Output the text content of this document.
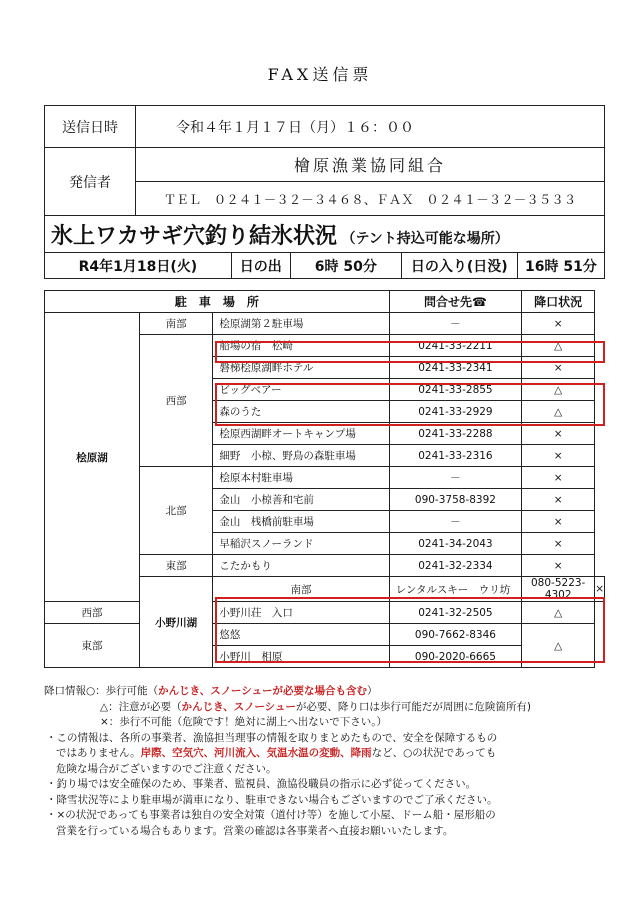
FAX送信票
送信日時	令和４年１月１７日（月）１６：００				
発信者	檜原漁業協同組合				
	ＴＥＬ　０２４１－３２－３４６８、ＦＡＸ　０２４１－３２－３５３３				
氷上ワカサギ穴釣り結氷状況 （テント持込可能な場所）					
R4年1月18日(火)		日の出	6時 50分	日の入り(日没)	16時 51分
駐　車　場　所			問合せ先☎	降口状況	
桧原湖	南部	桧原湖第２駐車場	－	×	
	西部	船場の宿　松崎	0241-33-2211	△	
		磐梯桧原湖畔ホテル	0241-33-2341	×	
		ビッグベアー	0241-33-2855	△	
		森のうた	0241-33-2929	△	
		桧原西湖畔オートキャンプ場	0241-33-2288	×	
		細野　小椋、野鳥の森駐車場	0241-33-2316	×	
	北部	桧原本村駐車場	－	×	
		金山　小椋善和宅前	090-3758-8392	×	
		金山　桟橋前駐車場	－	×	
		早稲沢スノーランド	0241-34-2043	×	
	東部	こたかもり	0241-32-2334	×	
	小野川湖	南部	レンタルスキー　ウリ坊	080-5223-4302	×
西部		小野川荘　入口	0241-32-2505	△	
東部		悠悠	090-7662-8346	△	
		小野川　相原	090-2020-6665		
降口情報○：歩行可能（かんじき、スノーシューが必要な場合も含む）
△：注意が必要（かんじき、スノーシューが必要、降り口は歩行可能だが周囲に危険箇所有)
×：歩行不可能（危険です！絶対に湖上へ出ないで下さい。）
・この情報は、各所の事業者、漁協担当理事の情報を取りまとめたもので、安全を保障するもの
ではありません。岸際、空気穴、河川流入、気温水温の変動、降雨など、○の状況であっても
危険な場合がございますのでご注意ください。
・釣り場では安全確保のため、事業者、監視員、漁協役職員の指示に必ず従ってください。
・降雪状況等により駐車場が満車になり、駐車できない場合もございますのでご了承ください。
・×の状況であっても事業者は独自の安全対策（道付け等）を施して小屋、ドーム船・屋形船の
営業を行っている場合もあります。営業の確認は各事業者へ直接お願いいたします。
